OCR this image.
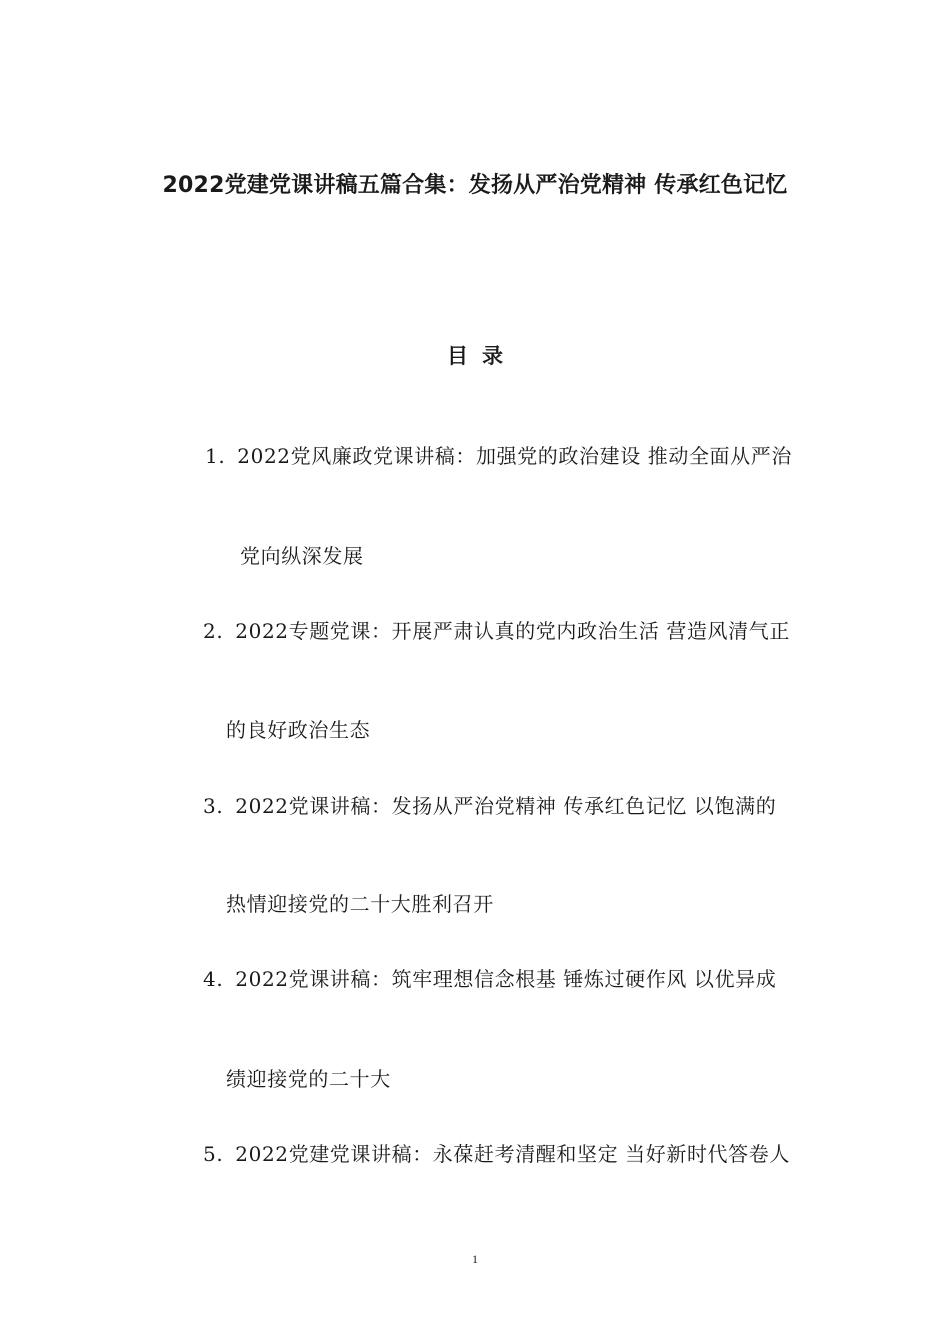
2022党建党课讲稿五篇合集：发扬从严治党精神 传承红色记忆
目录
1. 2022党风廉政党课讲稿：加强党的政治建设 推动全面从严治
党向纵深发展
2. 2022专题党课：开展严肃认真的党内政治生活 营造风清气正
的良好政治生态
3. 2022党课讲稿：发扬从严治党精神 传承红色记忆 以饱满的
热情迎接党的二十大胜利召开
4. 2022党课讲稿：筑牢理想信念根基 锤炼过硬作风 以优异成
绩迎接党的二十大
5. 2022党建党课讲稿：永葆赶考清醒和坚定 当好新时代答卷人
1
